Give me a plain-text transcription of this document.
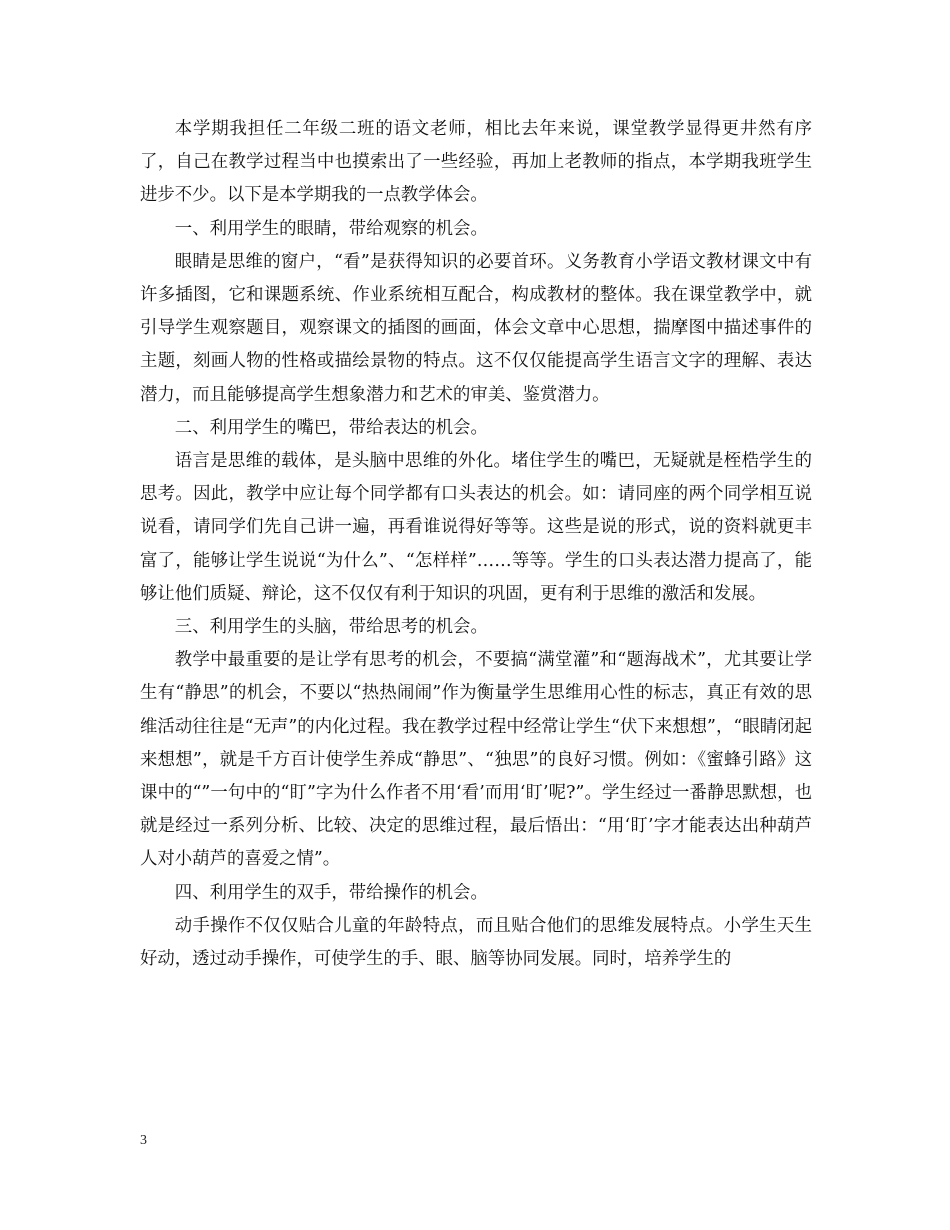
本学期我担任二年级二班的语文老师，相比去年来说，课堂教学显得更井然有序了，自己在教学过程当中也摸索出了一些经验，再加上老教师的指点，本学期我班学生进步不少。以下是本学期我的一点教学体会。

一、利用学生的眼睛，带给观察的机会。

眼睛是思维的窗户，“看”是获得知识的必要首环。义务教育小学语文教材课文中有许多插图，它和课题系统、作业系统相互配合，构成教材的整体。我在课堂教学中，就引导学生观察题目，观察课文的插图的画面，体会文章中心思想，揣摩图中描述事件的主题，刻画人物的性格或描绘景物的特点。这不仅仅能提高学生语言文字的理解、表达潜力，而且能够提高学生想象潜力和艺术的审美、鉴赏潜力。

二、利用学生的嘴巴，带给表达的机会。

语言是思维的载体，是头脑中思维的外化。堵住学生的嘴巴，无疑就是桎梏学生的思考。因此，教学中应让每个同学都有口头表达的机会。如：请同座的两个同学相互说说看，请同学们先自己讲一遍，再看谁说得好等等。这些是说的形式，说的资料就更丰富了，能够让学生说说“为什么”、“怎样样”……等等。学生的口头表达潜力提高了，能够让他们质疑、辩论，这不仅仅有利于知识的巩固，更有利于思维的激活和发展。

三、利用学生的头脑，带给思考的机会。

教学中最重要的是让学有思考的机会，不要搞“满堂灌”和“题海战术”，尤其要让学生有“静思”的机会，不要以“热热闹闹”作为衡量学生思维用心性的标志，真正有效的思维活动往往是“无声”的内化过程。我在教学过程中经常让学生“伏下来想想”，“眼睛闭起来想想”，就是千方百计使学生养成“静思”、“独思”的良好习惯。例如：《蜜蜂引路》这课中的“”一句中的“盯”字为什么作者不用‘看’而用‘盯’呢?”。学生经过一番静思默想，也就是经过一系列分析、比较、决定的思维过程，最后悟出：“用‘盯’字才能表达出种葫芦人对小葫芦的喜爱之情”。

四、利用学生的双手，带给操作的机会。

动手操作不仅仅贴合儿童的年龄特点，而且贴合他们的思维发展特点。小学生天生好动，透过动手操作，可使学生的手、眼、脑等协同发展。同时，培养学生的

3
